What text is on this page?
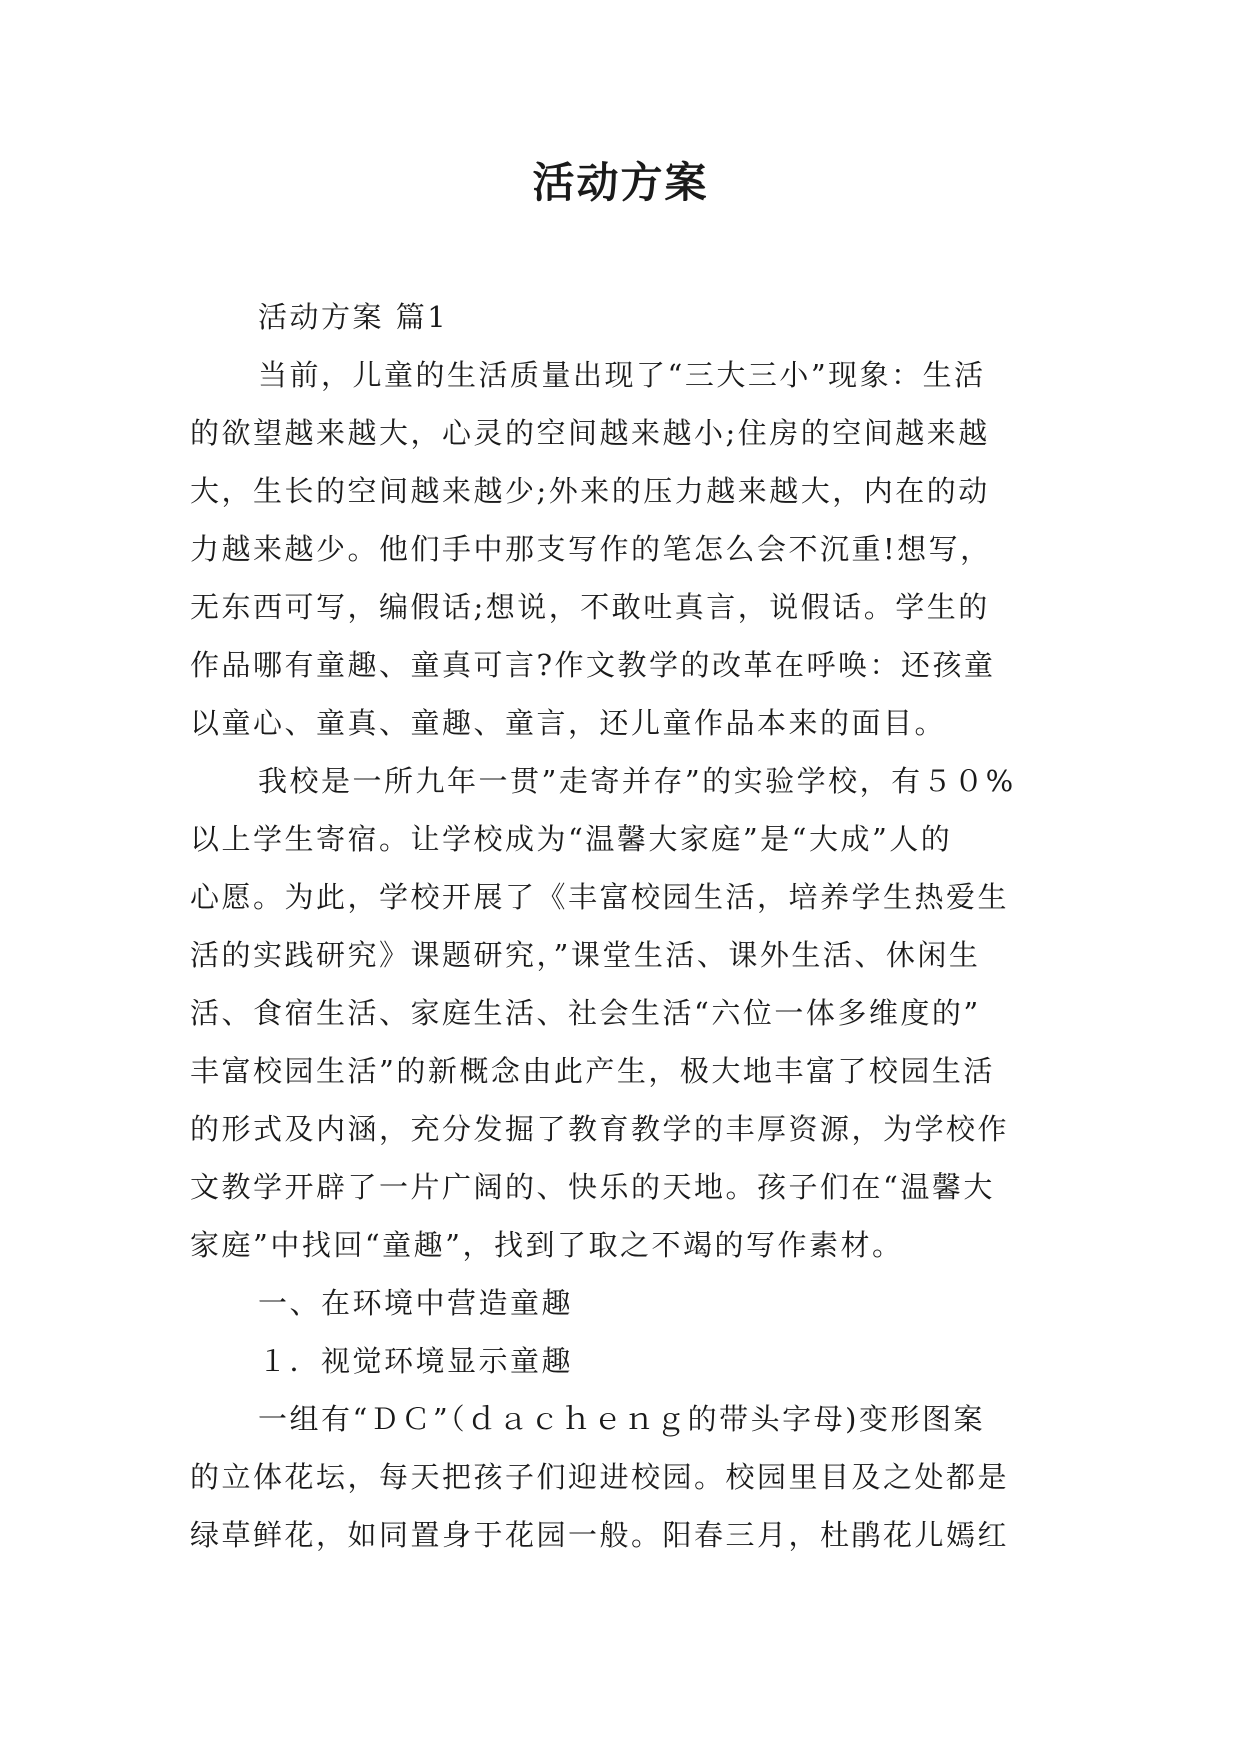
活动方案
活动方案 篇1
当前，儿童的生活质量出现了“三大三小”现象：生活
的欲望越来越大，心灵的空间越来越小;住房的空间越来越
大，生长的空间越来越少;外来的压力越来越大，内在的动
力越来越少。他们手中那支写作的笔怎么会不沉重!想写，
无东西可写，编假话;想说，不敢吐真言，说假话。学生的
作品哪有童趣、童真可言?作文教学的改革在呼唤：还孩童
以童心、童真、童趣、童言，还儿童作品本来的面目。
我校是一所九年一贯”走寄并存”的实验学校，有５０%
以上学生寄宿。让学校成为“温馨大家庭”是“大成”人的
心愿。为此，学校开展了《丰富校园生活，培养学生热爱生
活的实践研究》课题研究，”课堂生活、课外生活、休闲生
活、食宿生活、家庭生活、社会生活“六位一体多维度的”
丰富校园生活”的新概念由此产生，极大地丰富了校园生活
的形式及内涵，充分发掘了教育教学的丰厚资源，为学校作
文教学开辟了一片广阔的、快乐的天地。孩子们在“温馨大
家庭”中找回“童趣”，找到了取之不竭的写作素材。
一、在环境中营造童趣
１．视觉环境显示童趣
一组有“ＤＣ”（ｄａｃｈｅｎｇ的带头字母)变形图案
的立体花坛，每天把孩子们迎进校园。校园里目及之处都是
绿草鲜花，如同置身于花园一般。阳春三月，杜鹃花儿嫣红
